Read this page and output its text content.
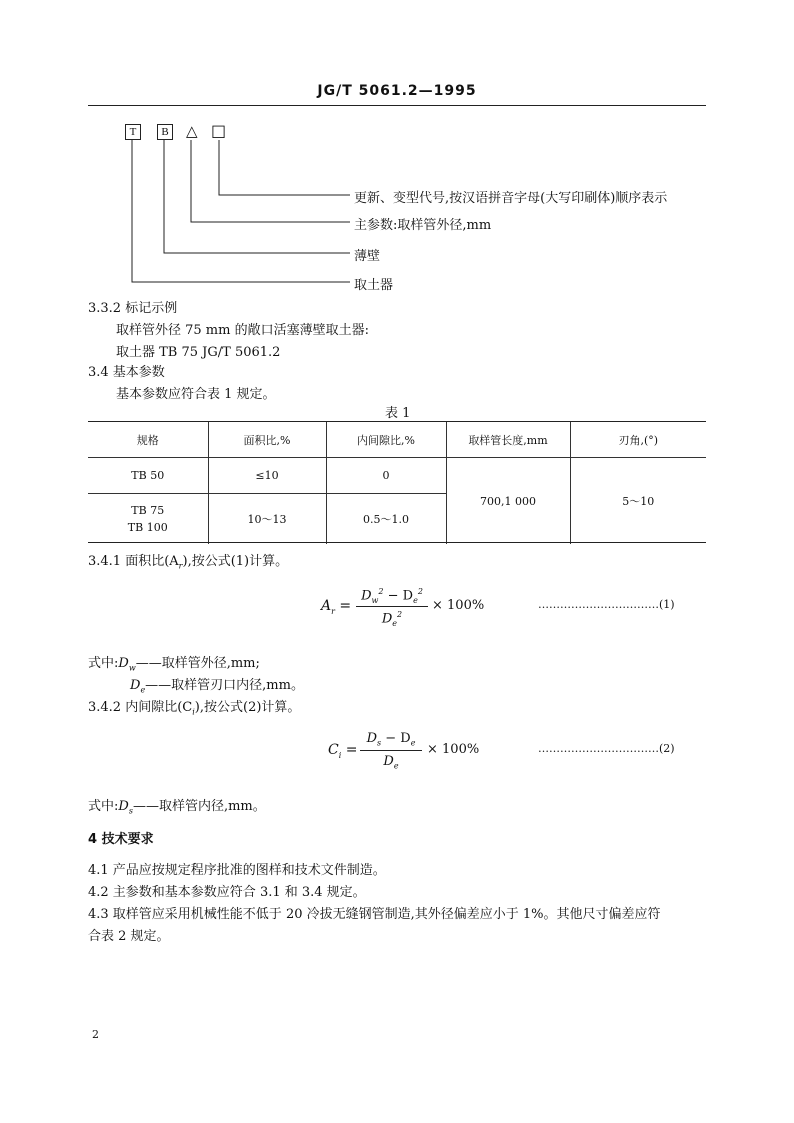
JG/T 5061.2—1995
T	B △ □
更新、变型代号,按汉语拼音字母(大写印刷体)顺序表示
主参数:取样管外径,mm
薄壁
取土器
3.3.2 标记示例
取样管外径 75 mm 的敞口活塞薄壁取土器:
取土器 TB 75 JG/T 5061.2
3.4 基本参数
基本参数应符合表 1 规定。
表 1
规格	面积比,%	内间隙比,%	取样管长度,mm	刃角,(°)
TB 50	≤10	0	700,1 000	5～10

TB 75
TB 100	10～13	0.5～1.0		
3.4.1 面积比$(A_r)$,按公式(1)计算。
$A_r$ =
$D_w^2 - D_e^2$
$D_e^2$
× 100%	……………………………(1)
式中$:D_w——$取样管外径,mm;
$D_e——$取样管刃口内径,mm。
3.4.2 内间隙比$(C_i)$,按公式(2)计算。
$C_i$ =
$D_s - D_e$
$D_e$
× 100%	……………………………(2)
式中$:D_s——$取样管内径,mm。
4 技术要求
4.1 产品应按规定程序批准的图样和技术文件制造。
4.2 主参数和基本参数应符合 3.1 和 3.4 规定。
4.3 取样管应采用机械性能不低于 20 冷拔无缝钢管制造,其外径偏差应小于 1%。其他尺寸偏差应符
合表 2 规定。
2
